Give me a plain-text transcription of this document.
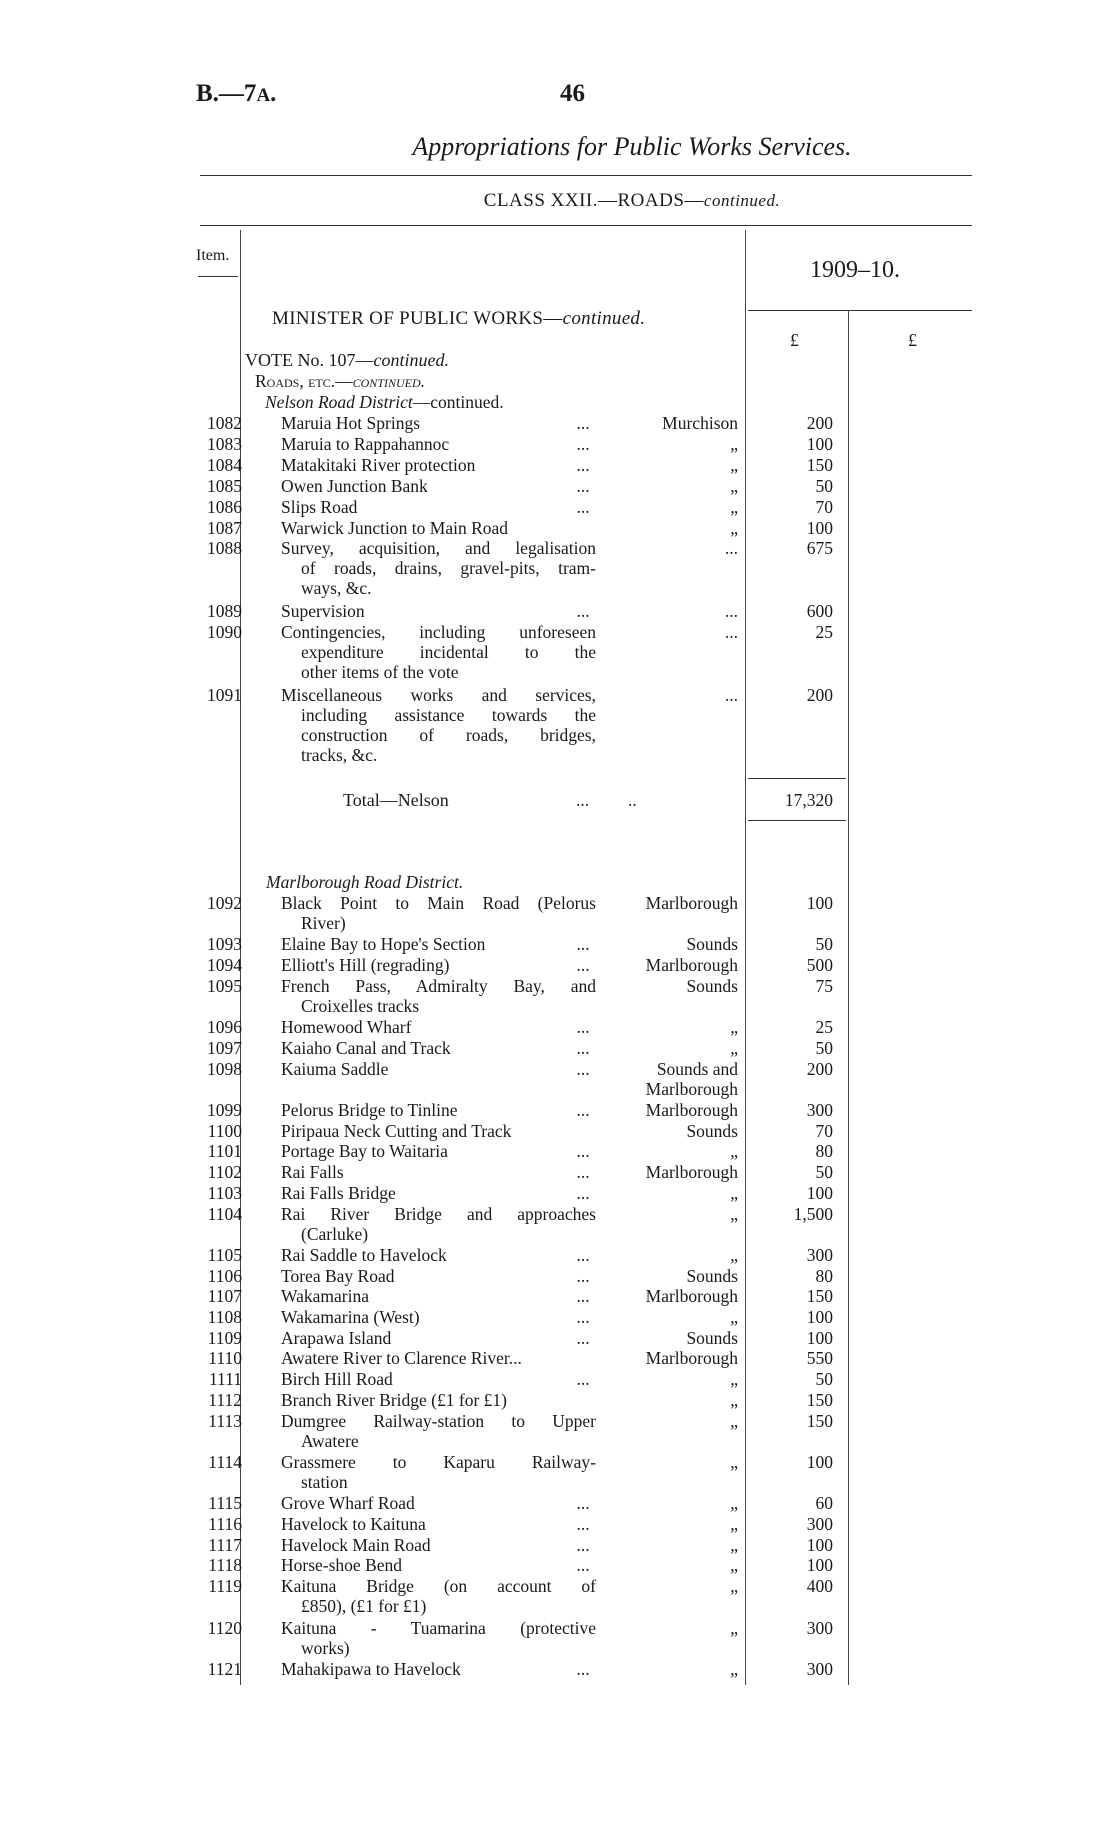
B.—7A.	46
Appropriations for Public Works Services.
CLASS XXII.—ROADS—continued.
Item.
1909–10.
£	£
MINISTER OF PUBLIC WORKS—continued.
VOTE No. 107—continued.
Roads, etc.—continued.
Nelson Road District—continued.
1082 Maruia Hot Springs	...	Murchison	200
1083 Maruia to Rappahannoc	...	„	100
1084 Matakitaki River protection	...	„	150
1085 Owen Junction Bank	...	„	50
1086 Slips Road	...	„	70
1087 Warwick Junction to Main Road	„	100
1088 Survey, acquisition, and legalisation
of roads, drains, gravel-pits, tram-
ways, &c.
...	675
1089 Supervision	...	...	600
1090 Contingencies, including unforeseen
expenditure incidental to the
other items of the vote
...	25
1091 Miscellaneous works and services,
including assistance towards the
construction of roads, bridges,
tracks, &c.
...	200
Total—Nelson	... ..	17,320
Marlborough Road District.
1092 Black Point to Main Road (Pelorus
River)
Marlborough	100
1093 Elaine Bay to Hope's Section	...	Sounds	50
1094 Elliott's Hill (regrading)	...	Marlborough	500
1095 French Pass, Admiralty Bay, and
Croixelles tracks
Sounds	75
1096 Homewood Wharf	...	„	25
1097 Kaiaho Canal and Track	...	„	50
1098 Kaiuma Saddle	...	Sounds and
Marlborough
200
1099 Pelorus Bridge to Tinline	...	Marlborough	300
1100 Piripaua Neck Cutting and Track	Sounds	70
1101 Portage Bay to Waitaria	...	„	80
1102 Rai Falls	...	Marlborough	50
1103 Rai Falls Bridge	...	„	100
1104 Rai River Bridge and approaches
(Carluke)
„	1,500
1105 Rai Saddle to Havelock	...	„	300
1106 Torea Bay Road	...	Sounds	80
1107 Wakamarina	...	Marlborough	150
1108 Wakamarina (West)	...	„	100
1109 Arapawa Island	...	Sounds	100
1110 Awatere River to Clarence River...	Marlborough	550
1111 Birch Hill Road	...	„	50
1112 Branch River Bridge (£1 for £1)	„	150
1113 Dumgree Railway-station to Upper
Awatere
„	150
1114 Grassmere to Kaparu Railway-
station
„	100
1115 Grove Wharf Road	...	„	60
1116 Havelock to Kaituna	...	„	300
1117 Havelock Main Road	...	„	100
1118 Horse-shoe Bend	...	„	100
1119 Kaituna Bridge (on account of
£850), (£1 for £1)
„	400
1120 Kaituna - Tuamarina (protective
works)
„	300
1121 Mahakipawa to Havelock	...	„	300
